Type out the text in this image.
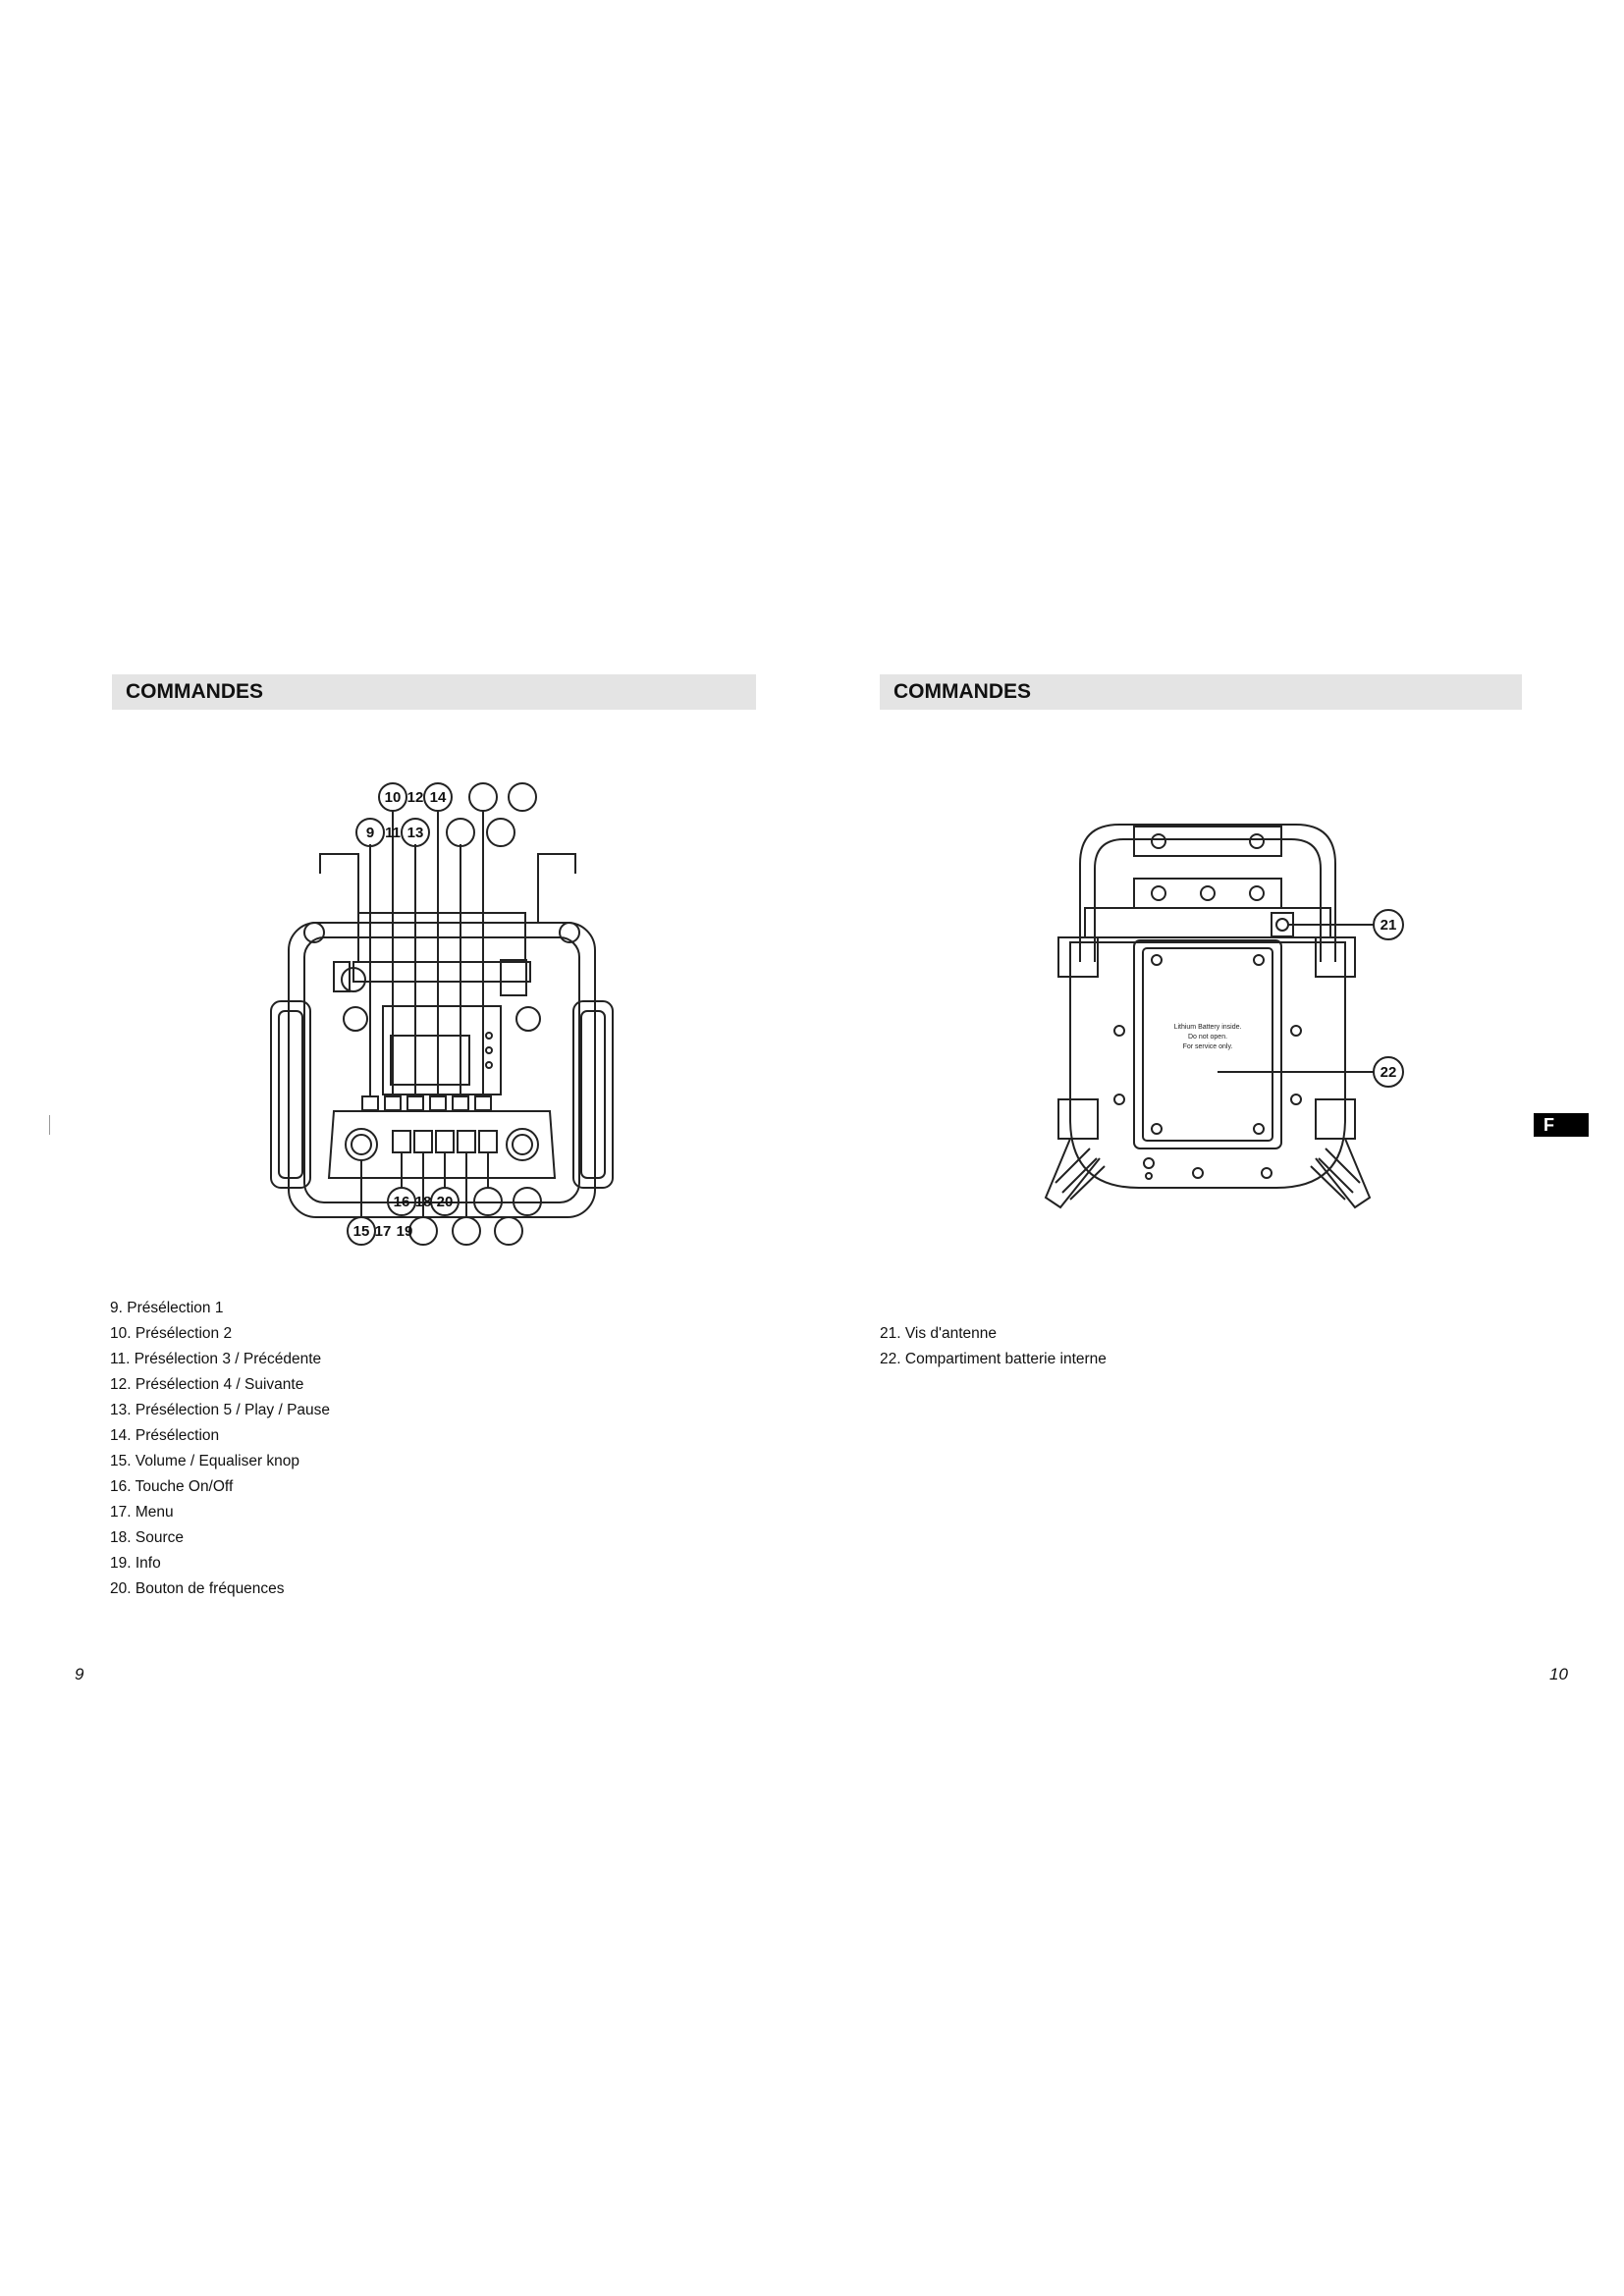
COMMANDES
10 12 14
9 11 13
16 18 20
15 17 19
9. Présélection 1
10. Présélection 2
11. Présélection 3 / Précédente
12. Présélection 4 / Suivante
13. Présélection 5 / Play / Pause
14. Présélection
15. Volume / Equaliser knop
16. Touche On/Off
17. Menu
18. Source
19. Info
20. Bouton de fréquences
9
COMMANDES
Lithium Battery inside.
Do not open.
For service only.
21
22
21. Vis d'antenne
22. Compartiment batterie interne
F
10
